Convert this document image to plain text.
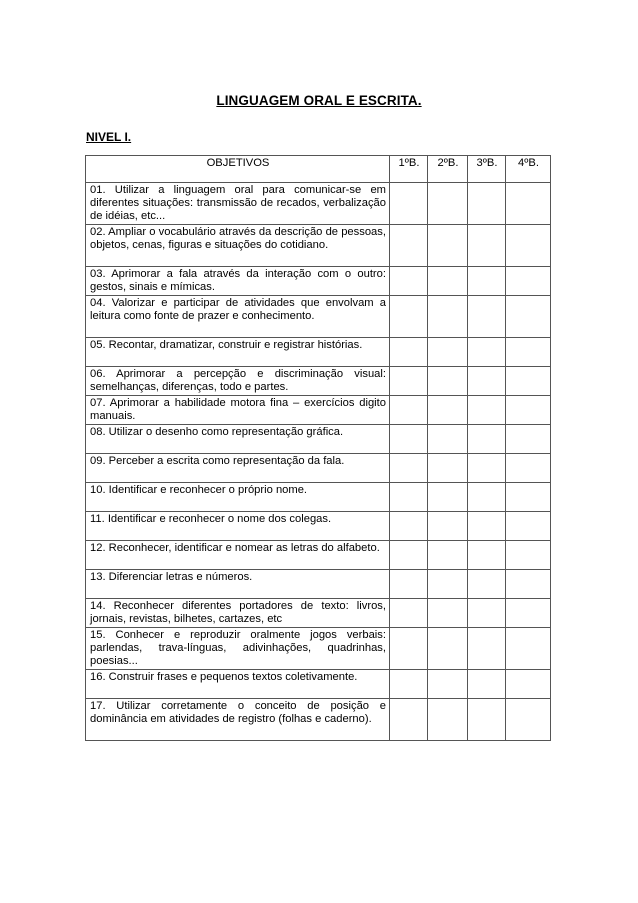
LINGUAGEM ORAL E ESCRITA.
NIVEL I.
OBJETIVOS	1ºB.	2ºB.	3ºB.	4ºB.
01. Utilizar a linguagem oral para comunicar-se em diferentes situações: transmissão de recados, verbalização de idéias, etc...				
02. Ampliar o vocabulário através da descrição de pessoas, objetos, cenas, figuras e situações do cotidiano.				
03. Aprimorar a fala através da interação com o outro: gestos, sinais e mímicas.				
04. Valorizar e participar de atividades que envolvam a leitura como fonte de prazer e conhecimento.				
05. Recontar, dramatizar, construir e registrar histórias.				
06. Aprimorar a percepção e discriminação visual: semelhanças, diferenças, todo e partes.				
07. Aprimorar a habilidade motora fina – exercícios digito manuais.				
08. Utilizar o desenho como representação gráfica.				
09. Perceber a escrita como representação da fala.				
10. Identificar e reconhecer o próprio nome.				
11. Identificar e reconhecer o nome dos colegas.				
12. Reconhecer, identificar e nomear as letras do alfabeto.				
13. Diferenciar letras e números.				
14. Reconhecer diferentes portadores de texto: livros, jornais, revistas, bilhetes, cartazes, etc				
15. Conhecer e reproduzir oralmente jogos verbais: parlendas, trava-línguas, adivinhações, quadrinhas, poesias...				
16. Construir frases e pequenos textos coletivamente.				
17. Utilizar corretamente o conceito de posição e dominância em atividades de registro (folhas e caderno).				
